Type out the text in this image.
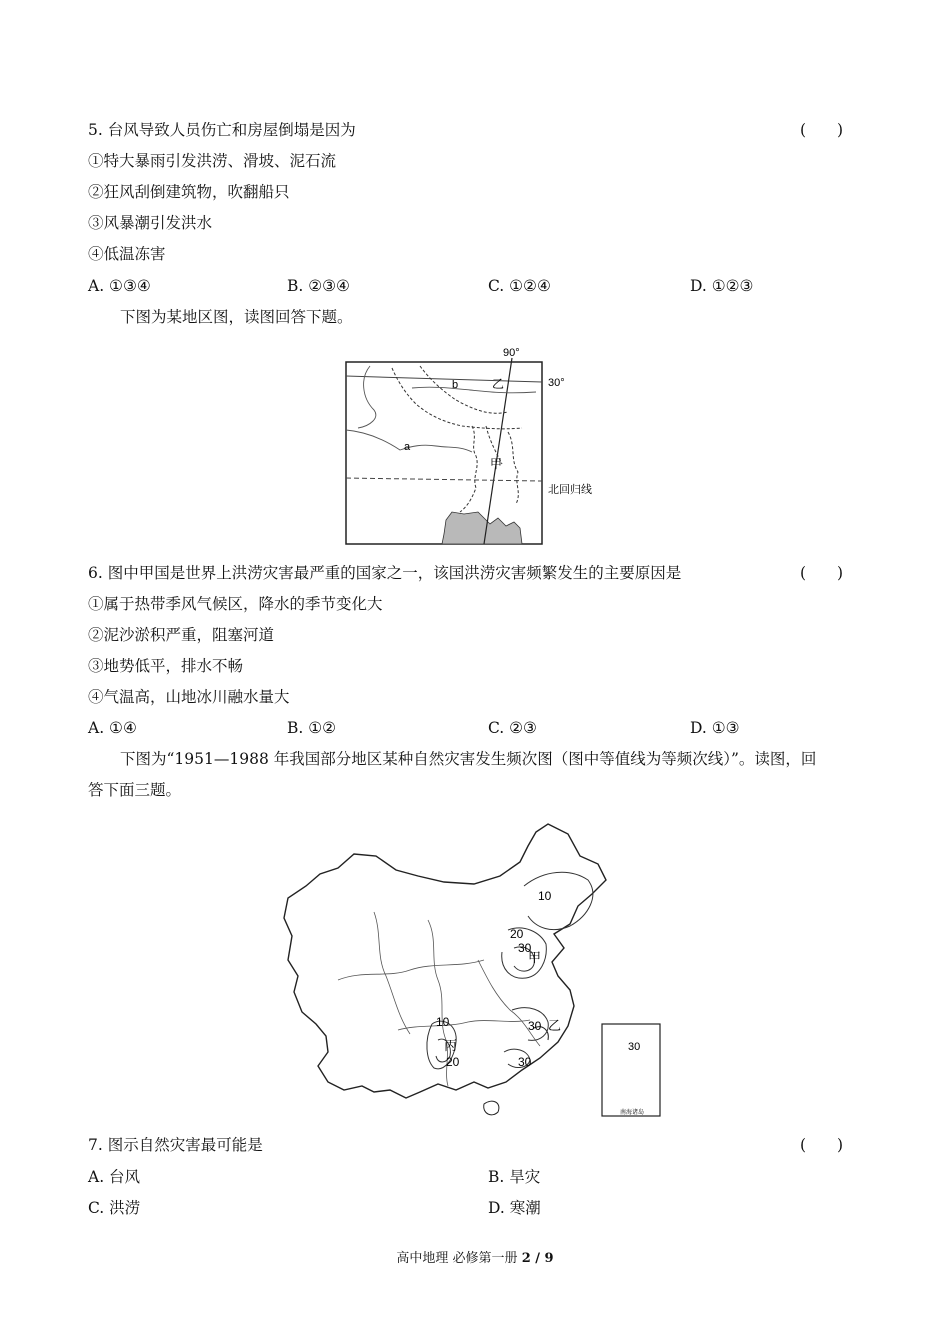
5. 台风导致人员伤亡和房屋倒塌是因为	(　　)
①特大暴雨引发洪涝、滑坡、泥石流
②狂风刮倒建筑物，吹翻船只
③风暴潮引发洪水
④低温冻害
A. ①③④	B. ②③④	C. ①②④	D. ①②③
下图为某地区图，读图回答下题。
90°
30°
北回归线
b
a
乙
甲
6. 图中甲国是世界上洪涝灾害最严重的国家之一，该国洪涝灾害频繁发生的主要原因是	(　　)
①属于热带季风气候区，降水的季节变化大
②泥沙淤积严重，阻塞河道
③地势低平，排水不畅
④气温高，山地冰川融水量大
A. ①④	B. ①②	C. ②③	D. ①③
下图为“1951—1988 年我国部分地区某种自然灾害发生频次图（图中等值线为等频次线）”。读图，回
答下面三题。
10
20
30
甲
30 乙
10
丙
20	30
30
南海诸岛
7. 图示自然灾害最可能是	(　　)
A. 台风	B. 旱灾
C. 洪涝	D. 寒潮
高中地理 必修第一册 2 / 9
